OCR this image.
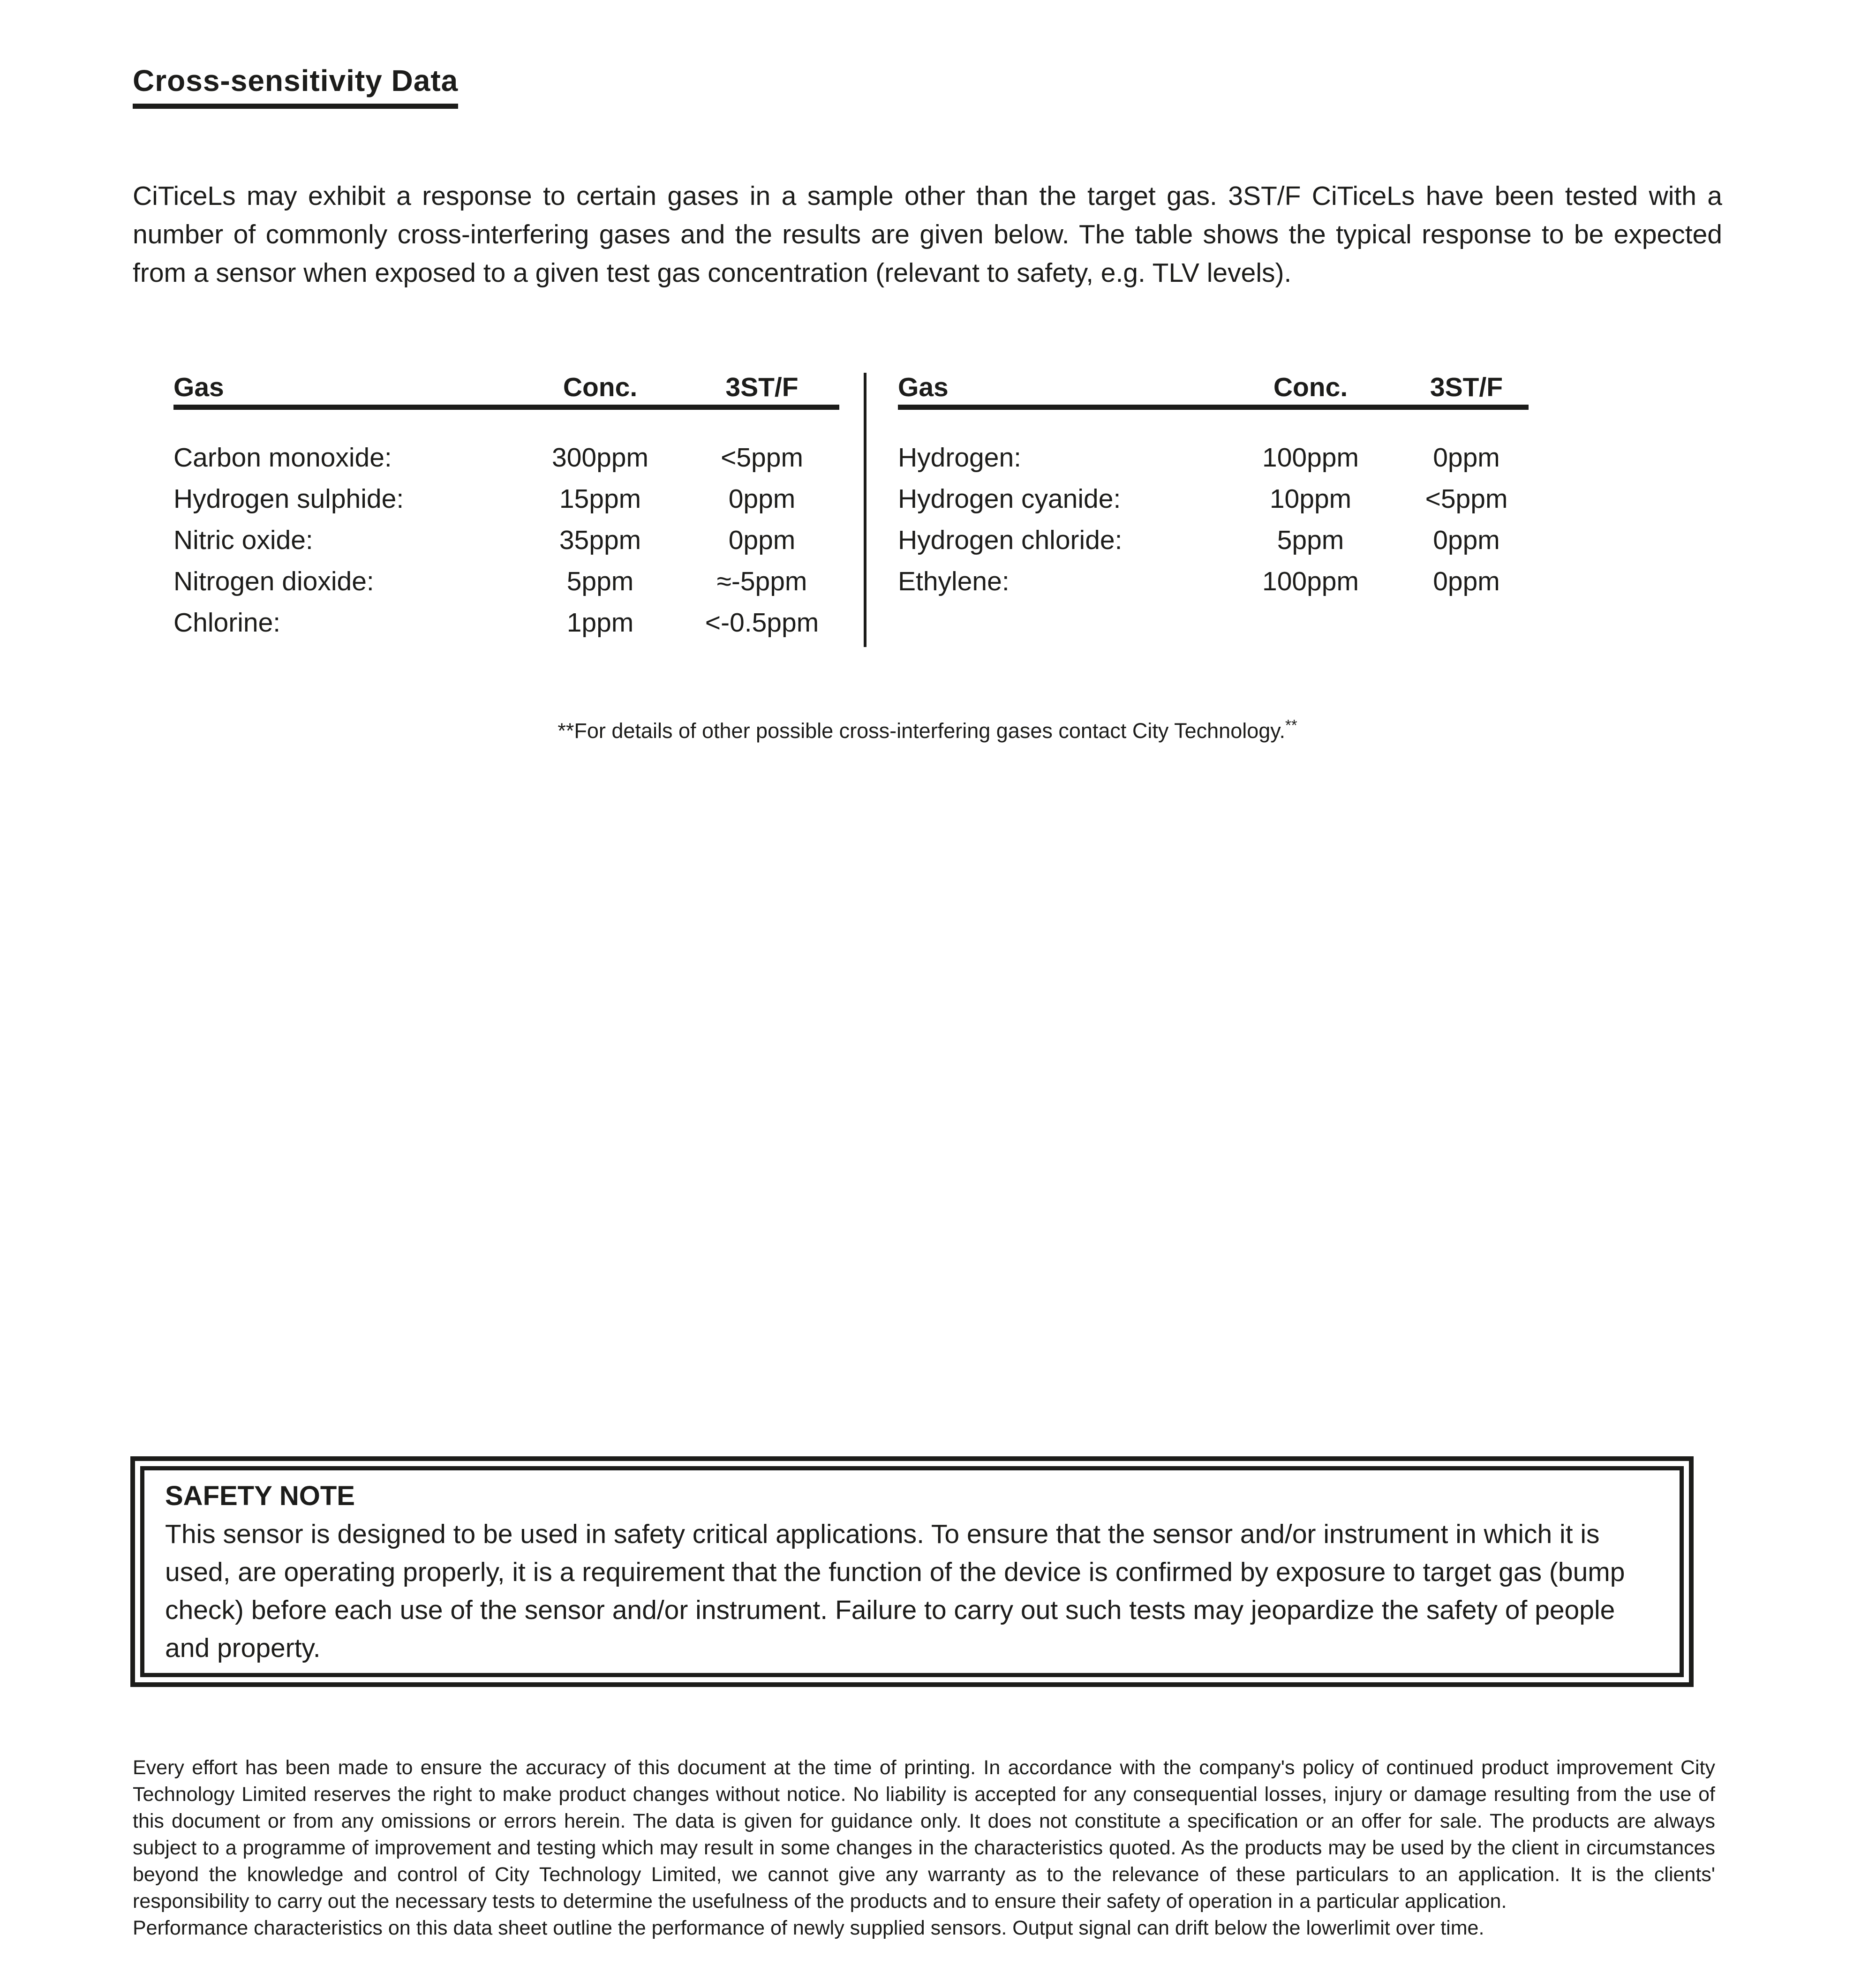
Cross-sensitivity Data

CiTiceLs may exhibit a response to certain gases in a sample other than the target gas. 3ST/F CiTiceLs have been tested with a number of commonly cross-interfering gases and the results are given below. The table shows the typical response to be expected from a sensor when exposed to a given test gas concentration (relevant to safety, e.g. TLV levels).

Gas	Conc.	3ST/F
Carbon monoxide:	300ppm	<5ppm
Hydrogen sulphide:	15ppm	0ppm
Nitric oxide:	35ppm	0ppm
Nitrogen dioxide:	5ppm	≈-5ppm
Chlorine:	1ppm	<-0.5ppm
Gas	Conc.	3ST/F
Hydrogen:	100ppm	0ppm
Hydrogen cyanide:	10ppm	<5ppm
Hydrogen chloride:	5ppm	0ppm
Ethylene:	100ppm	0ppm

**For details of other possible cross-interfering gases contact City Technology.**

SAFETY NOTE
This sensor is designed to be used in safety critical applications. To ensure that the sensor and/or instrument in which it is used, are operating properly, it is a requirement that the function of the device is confirmed by exposure to target gas (bump check) before each use of the sensor and/or instrument. Failure to carry out such tests may jeopardize the safety of people and property.
Every effort has been made to ensure the accuracy of this document at the time of printing. In accordance with the company's policy of continued product improvement City Technology Limited reserves the right to make product changes without notice. No liability is accepted for any consequential losses, injury or damage resulting from the use of this document or from any omissions or errors herein. The data is given for guidance only. It does not constitute a specification or an offer for sale. The products are always subject to a programme of improvement and testing which may result in some changes in the characteristics quoted. As the products may be used by the client in circumstances beyond the knowledge and control of City Technology Limited, we cannot give any warranty as to the relevance of these particulars to an application. It is the clients' responsibility to carry out the necessary tests to determine the usefulness of the products and to ensure their safety of operation in a particular application.
Performance characteristics on this data sheet outline the performance of newly supplied sensors. Output signal can drift below the lowerlimit over time.
